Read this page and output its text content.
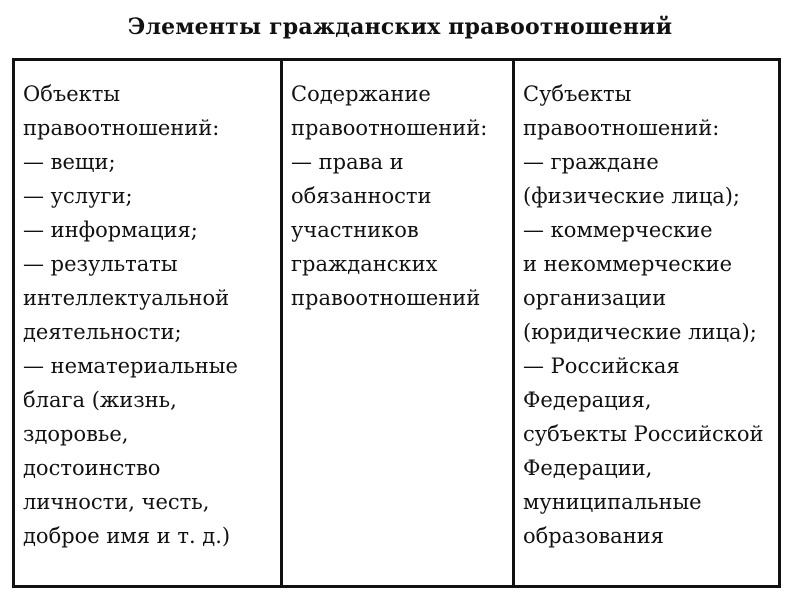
Элементы гражданских правоотношений
Объекты
правоотношений:
— вещи;
— услуги;
— информация;
— результаты
интеллектуальной
деятельности;
— нематериальные
блага (жизнь,
здоровье,
достоинство
личности, честь,
доброе имя и т. д.)
Содержание
правоотношений:
— права и
обязанности
участников
гражданских
правоотношений
Субъекты
правоотношений:
— граждане
(физические лица);
— коммерческие
и некоммерческие
организации
(юридические лица);
— Российская
Федерация,
субъекты Российской
Федерации,
муниципальные
образования
